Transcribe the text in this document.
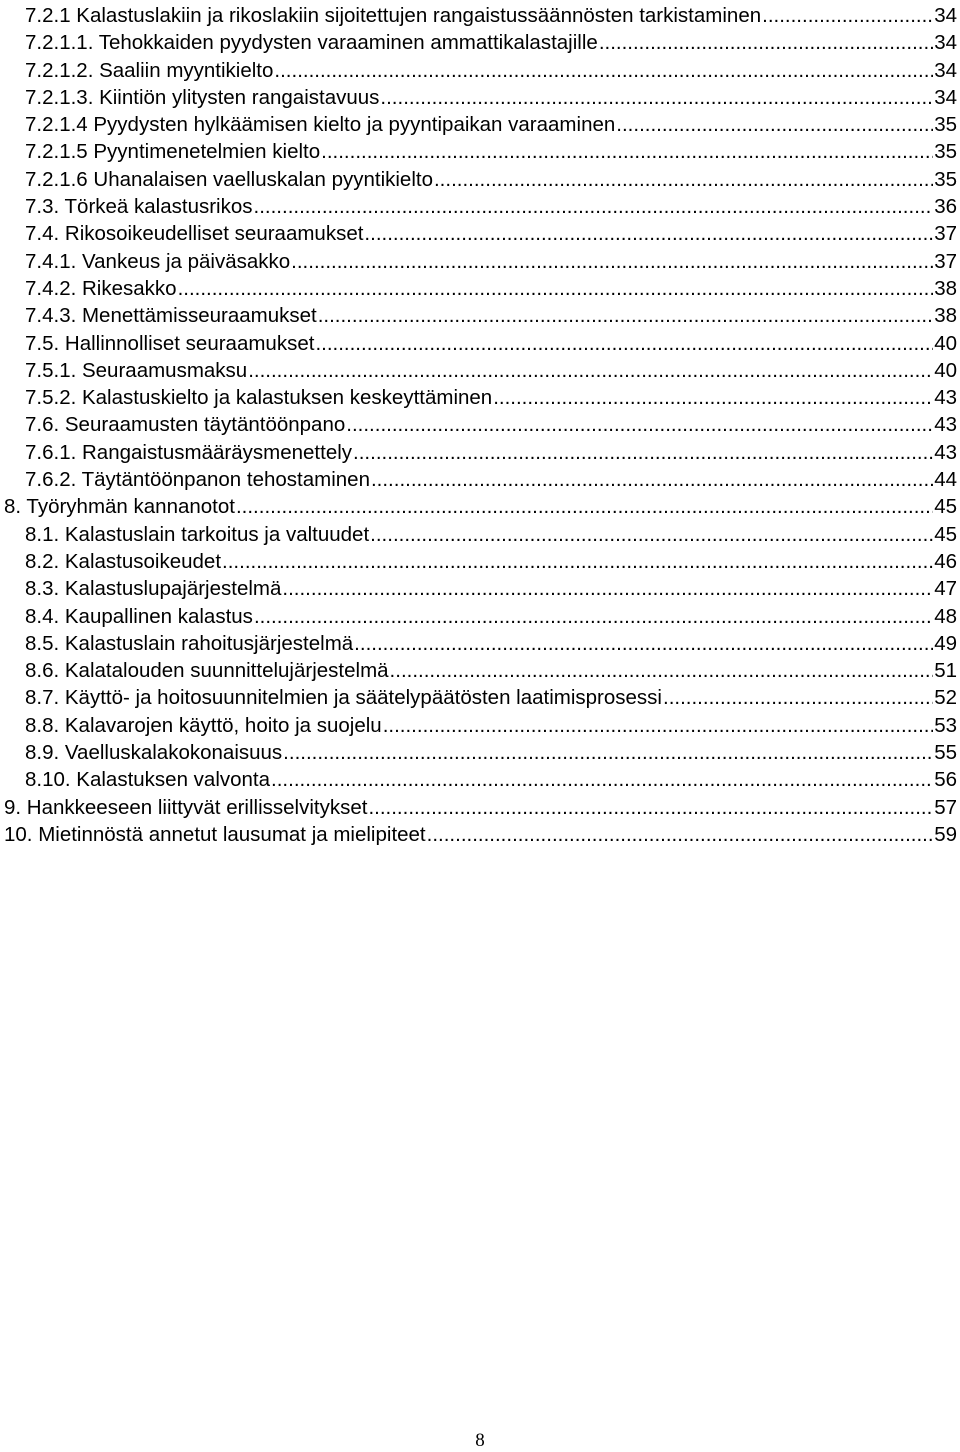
7.2.1 Kalastuslakiin ja rikoslakiin sijoitettujen rangaistussäännösten tarkistaminen .....	34
7.2.1.1. Tehokkaiden pyydysten varaaminen ammattikalastajille .....	34
7.2.1.2. Saaliin myyntikielto .....	34
7.2.1.3. Kiintiön ylitysten rangaistavuus .....	34
7.2.1.4 Pyydysten hylkäämisen kielto ja pyyntipaikan varaaminen .....	35
7.2.1.5 Pyyntimenetelmien kielto .....	35
7.2.1.6 Uhanalaisen vaelluskalan pyyntikielto .....	35
7.3. Törkeä kalastusrikos .....	36
7.4. Rikosoikeudelliset seuraamukset .....	37
7.4.1. Vankeus ja päiväsakko .....	37
7.4.2. Rikesakko .....	38
7.4.3. Menettämisseuraamukset .....	38
7.5. Hallinnolliset seuraamukset .....	40
7.5.1. Seuraamusmaksu .....	40
7.5.2. Kalastuskielto ja kalastuksen keskeyttäminen .....	43
7.6. Seuraamusten täytäntöönpano .....	43
7.6.1. Rangaistusmääräysmenettely .....	43
7.6.2. Täytäntöönpanon tehostaminen .....	44
8. Työryhmän kannanotot .....	45
8.1. Kalastuslain tarkoitus ja valtuudet .....	45
8.2. Kalastusoikeudet .....	46
8.3. Kalastuslupajärjestelmä .....	47
8.4. Kaupallinen kalastus .....	48
8.5. Kalastuslain rahoitusjärjestelmä .....	49
8.6. Kalatalouden suunnittelujärjestelmä .....	51
8.7. Käyttö- ja hoitosuunnitelmien ja säätelypäätösten laatimisprosessi .....	52
8.8. Kalavarojen käyttö, hoito ja suojelu .....	53
8.9. Vaelluskalakokonaisuus .....	55
8.10. Kalastuksen valvonta .....	56
9. Hankkeeseen liittyvät erillisselvitykset .....	57
10. Mietinnöstä annetut lausumat ja mielipiteet .....	59
8
